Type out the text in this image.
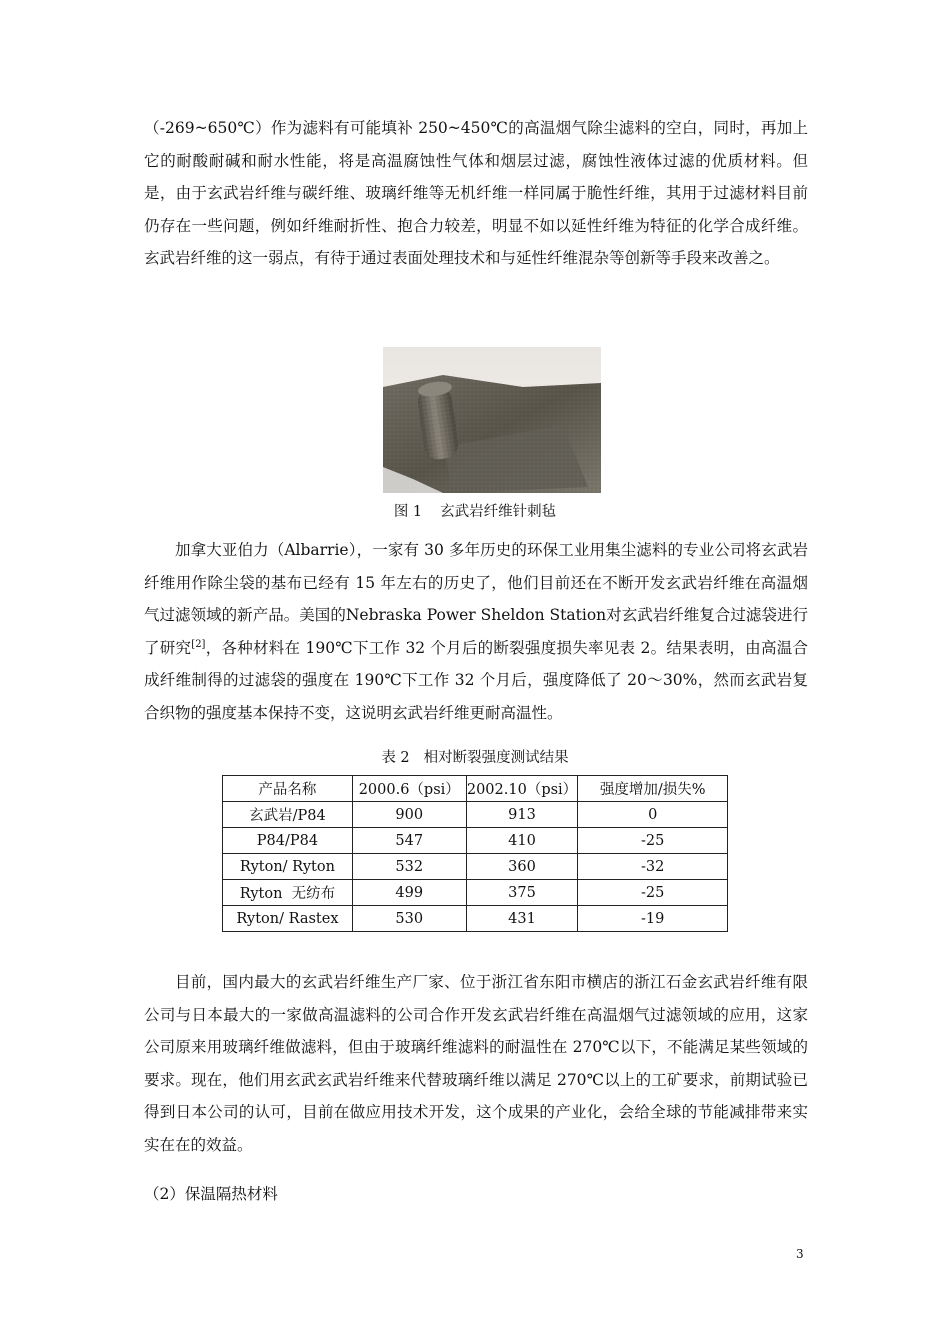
（-269~650℃）作为滤料有可能填补 250~450℃的高温烟气除尘滤料的空白，同时，再加上它的耐酸耐碱和耐水性能，将是高温腐蚀性气体和烟层过滤，腐蚀性液体过滤的优质材料。但是，由于玄武岩纤维与碳纤维、玻璃纤维等无机纤维一样同属于脆性纤维，其用于过滤材料目前仍存在一些问题，例如纤维耐折性、抱合力较差，明显不如以延性纤维为特征的化学合成纤维。玄武岩纤维的这一弱点，有待于通过表面处理技术和与延性纤维混杂等创新等手段来改善之。

图 1 玄武岩纤维针刺毡

加拿大亚伯力（Albarrie），一家有 30 多年历史的环保工业用集尘滤料的专业公司将玄武岩纤维用作除尘袋的基布已经有 15 年左右的历史了，他们目前还在不断开发玄武岩纤维在高温烟气过滤领域的新产品。美国的Nebraska Power Sheldon Station对玄武岩纤维复合过滤袋进行了研究[2]，各种材料在 190℃下工作 32 个月后的断裂强度损失率见表 2。结果表明，由高温合成纤维制得的过滤袋的强度在 190℃下工作 32 个月后，强度降低了 20～30%，然而玄武岩复合织物的强度基本保持不变，这说明玄武岩纤维更耐高温性。

表 2 相对断裂强度测试结果
产品名称	2000.6（psi）	2002.10（psi）	强度增加/损失%
玄武岩/P84	900	913	0
P84/P84	547	410	-25
Ryton/ Ryton	532	360	-32
Ryton  无纺布	499	375	-25
Ryton/ Rastex	530	431	-19

目前，国内最大的玄武岩纤维生产厂家、位于浙江省东阳市横店的浙江石金玄武岩纤维有限公司与日本最大的一家做高温滤料的公司合作开发玄武岩纤维在高温烟气过滤领域的应用，这家公司原来用玻璃纤维做滤料，但由于玻璃纤维滤料的耐温性在 270℃以下，不能满足某些领域的要求。现在，他们用玄武玄武岩纤维来代替玻璃纤维以满足 270℃以上的工矿要求，前期试验已得到日本公司的认可，目前在做应用技术开发，这个成果的产业化，会给全球的节能减排带来实实在在的效益。

（2）保温隔热材料

3
